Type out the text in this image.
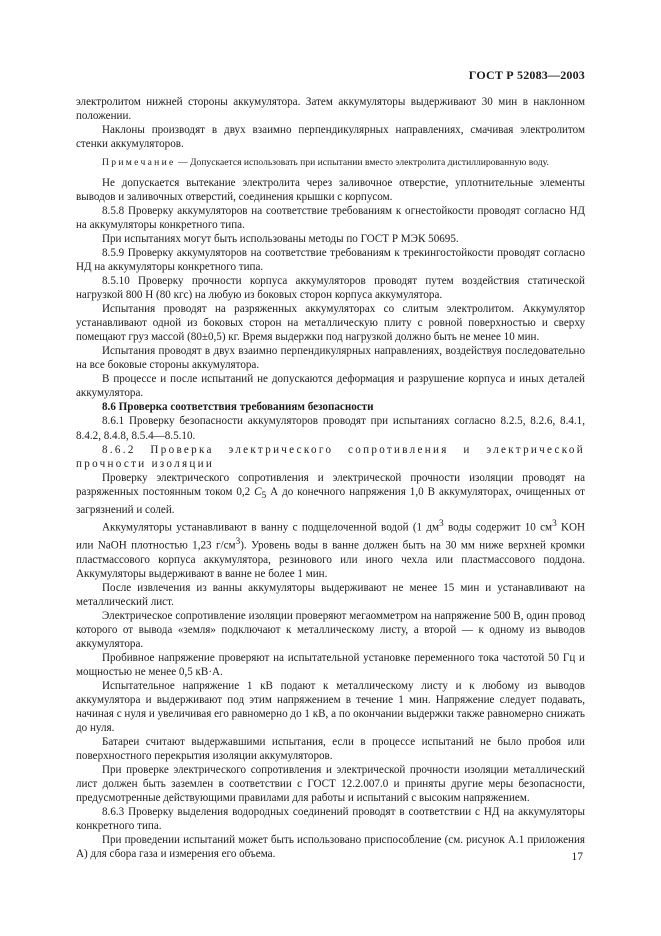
ГОСТ Р 52083—2003

электролитом нижней стороны аккумулятора. Затем аккумуляторы выдерживают 30 мин в наклонном положении.

Наклоны производят в двух взаимно перпендикулярных направлениях, смачивая электролитом стенки аккумуляторов.

Примечание — Допускается использовать при испытании вместо электролита дистиллированную воду.

Не допускается вытекание электролита через заливочное отверстие, уплотнительные элементы выводов и заливочных отверстий, соединения крышки с корпусом.

8.5.8 Проверку аккумуляторов на соответствие требованиям к огнестойкости проводят согласно НД на аккумуляторы конкретного типа.

При испытаниях могут быть использованы методы по ГОСТ Р МЭК 50695.

8.5.9 Проверку аккумуляторов на соответствие требованиям к трекингостойкости проводят согласно НД на аккумуляторы конкретного типа.

8.5.10 Проверку прочности корпуса аккумуляторов проводят путем воздействия статической нагрузкой 800 Н (80 кгс) на любую из боковых сторон корпуса аккумулятора.

Испытания проводят на разряженных аккумуляторах со слитым электролитом. Аккумулятор устанавливают одной из боковых сторон на металлическую плиту с ровной поверхностью и сверху помещают груз массой (80±0,5) кг. Время выдержки под нагрузкой должно быть не менее 10 мин.

Испытания проводят в двух взаимно перпендикулярных направлениях, воздействуя последовательно на все боковые стороны аккумулятора.

В процессе и после испытаний не допускаются деформация и разрушение корпуса и иных деталей аккумулятора.

8.6 Проверка соответствия требованиям безопасности

8.6.1 Проверку безопасности аккумуляторов проводят при испытаниях согласно 8.2.5, 8.2.6, 8.4.1, 8.4.2, 8.4.8, 8.5.4—8.5.10.

8.6.2 Проверка электрического сопротивления и электрической прочности изоляции

Проверку электрического сопротивления и электрической прочности изоляции проводят на разряженных постоянным током 0,2 $C_5$ А до конечного напряжения 1,0 В аккумуляторах, очищенных от загрязнений и солей.

Аккумуляторы устанавливают в ванну с подщелоченной водой (1 $дм^3$ воды содержит 10 $см^3$ KOH или NaOH плотностью 1,23 $г/см^3$). Уровень воды в ванне должен быть на 30 мм ниже верхней кромки пластмассового корпуса аккумулятора, резинового или иного чехла или пластмассового поддона. Аккумуляторы выдерживают в ванне не более 1 мин.

После извлечения из ванны аккумуляторы выдерживают не менее 15 мин и устанавливают на металлический лист.

Электрическое сопротивление изоляции проверяют мегаомметром на напряжение 500 В, один провод которого от вывода «земля» подключают к металлическому листу, а второй — к одному из выводов аккумулятора.

Пробивное напряжение проверяют на испытательной установке переменного тока частотой 50 Гц и мощностью не менее 0,5 кВ·А.

Испытательное напряжение 1 кВ подают к металлическому листу и к любому из выводов аккумулятора и выдерживают под этим напряжением в течение 1 мин. Напряжение следует подавать, начиная с нуля и увеличивая его равномерно до 1 кВ, а по окончании выдержки также равномерно снижать до нуля.

Батареи считают выдержавшими испытания, если в процессе испытаний не было пробоя или поверхностного перекрытия изоляции аккумуляторов.

При проверке электрического сопротивления и электрической прочности изоляции металлический лист должен быть заземлен в соответствии с ГОСТ 12.2.007.0 и приняты другие меры безопасности, предусмотренные действующими правилами для работы и испытаний с высоким напряжением.

8.6.3 Проверку выделения водородных соединений проводят в соответствии с НД на аккумуляторы конкретного типа.

При проведении испытаний может быть использовано приспособление (см. рисунок А.1 приложения А) для сбора газа и измерения его объема.	17
